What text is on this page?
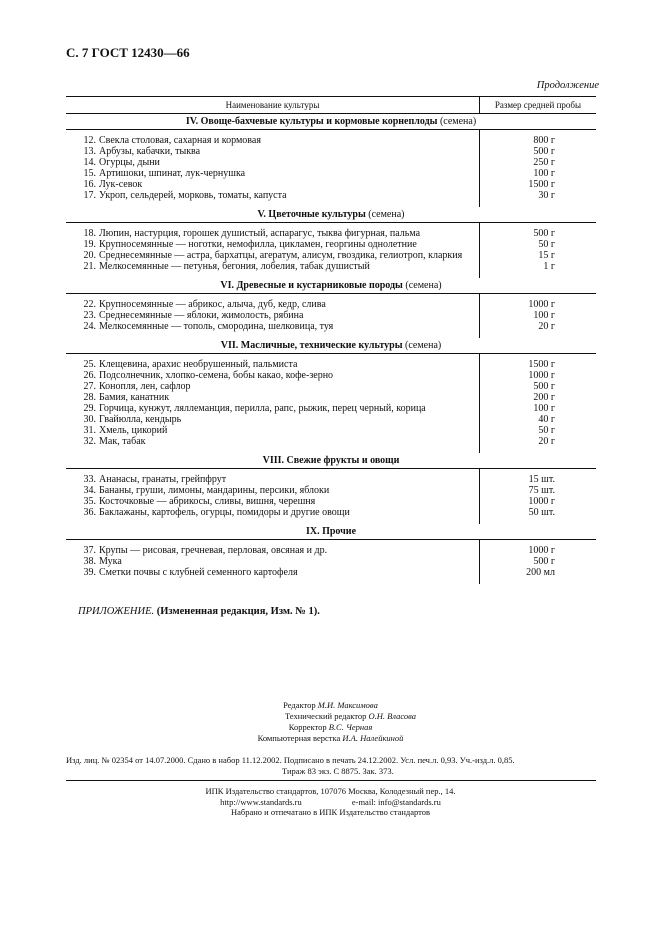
С. 7 ГОСТ 12430—66
Продолжение
Наименование культуры	Размер средней пробы
IV. Овоще-бахчевые культуры и кормовые корнеплоды (семена)
12. Свекла столовая, сахарная и кормовая	800 г
13. Арбузы, кабачки, тыква	500 г
14. Огурцы, дыни	250 г
15. Артишоки, шпинат, лук-чернушка	100 г
16. Лук-севок	1500 г
17. Укроп, сельдерей, морковь, томаты, капуста	30 г
V. Цветочные культуры (семена)
18. Люпин, настурция, горошек душистый, аспарагус, тыква фигурная, пальма	500 г
19. Крупносемянные — ноготки, немофилла, цикламен, георгины однолетние	50 г
20. Среднесемянные — астра, бархатцы, агератум, алисум, гвоздика, гелиотроп, кларкия	15 г
21. Мелкосемянные — петунья, бегония, лобелия, табак душистый	1 г
VI. Древесные и кустарниковые породы (семена)
22. Крупносемянные — абрикос, алыча, дуб, кедр, слива	1000 г
23. Среднесемянные — яблоки, жимолость, рябина	100 г
24. Мелкосемянные — тополь, смородина, шелковица, туя	20 г
VII. Масличные, технические культуры (семена)
25. Клещевина, арахис необрушенный, пальмиста	1500 г
26. Подсолнечник, хлопко-семена, бобы какао, кофе-зерно	1000 г
27. Конопля, лен, сафлор	500 г
28. Бамия, канатник	200 г
29. Горчица, кунжут, ляллеманция, перилла, рапс, рыжик, перец черный, корица	100 г
30. Гвайюлла, кендырь	40 г
31. Хмель, цикорий	50 г
32. Мак, табак	20 г
VIII. Свежие фрукты и овощи
33. Ананасы, гранаты, грейпфрут	15 шт.
34. Бананы, груши, лимоны, мандарины, персики, яблоки	75 шт.
35. Косточковые — абрикосы, сливы, вишня, черешня	1000 г
36. Баклажаны, картофель, огурцы, помидоры и другие овощи	50 шт.
IX. Прочие
37. Крупы — рисовая, гречневая, перловая, овсяная и др.	1000 г
38. Мука	500 г
39. Сметки почвы с клубней семенного картофеля	200 мл
ПРИЛОЖЕНИЕ. (Измененная редакция, Изм. № 1).
Редактор М.И. Максимова
Технический редактор О.Н. Власова
Корректор В.С. Черная
Компьютерная верстка И.А. Налейкиной
Изд. лиц. № 02354 от 14.07.2000. Сдано в набор 11.12.2002. Подписано в печать 24.12.2002. Усл. печ.л. 0,93. Уч.-изд.л. 0,85.
Тираж 83 экз. С 8875. Зак. 373.
ИПК Издательство стандартов, 107076 Москва, Колодезный пер., 14.
http://www.standards.ru	e-mail: info@standards.ru
Набрано и отпечатано в ИПК Издательство стандартов
